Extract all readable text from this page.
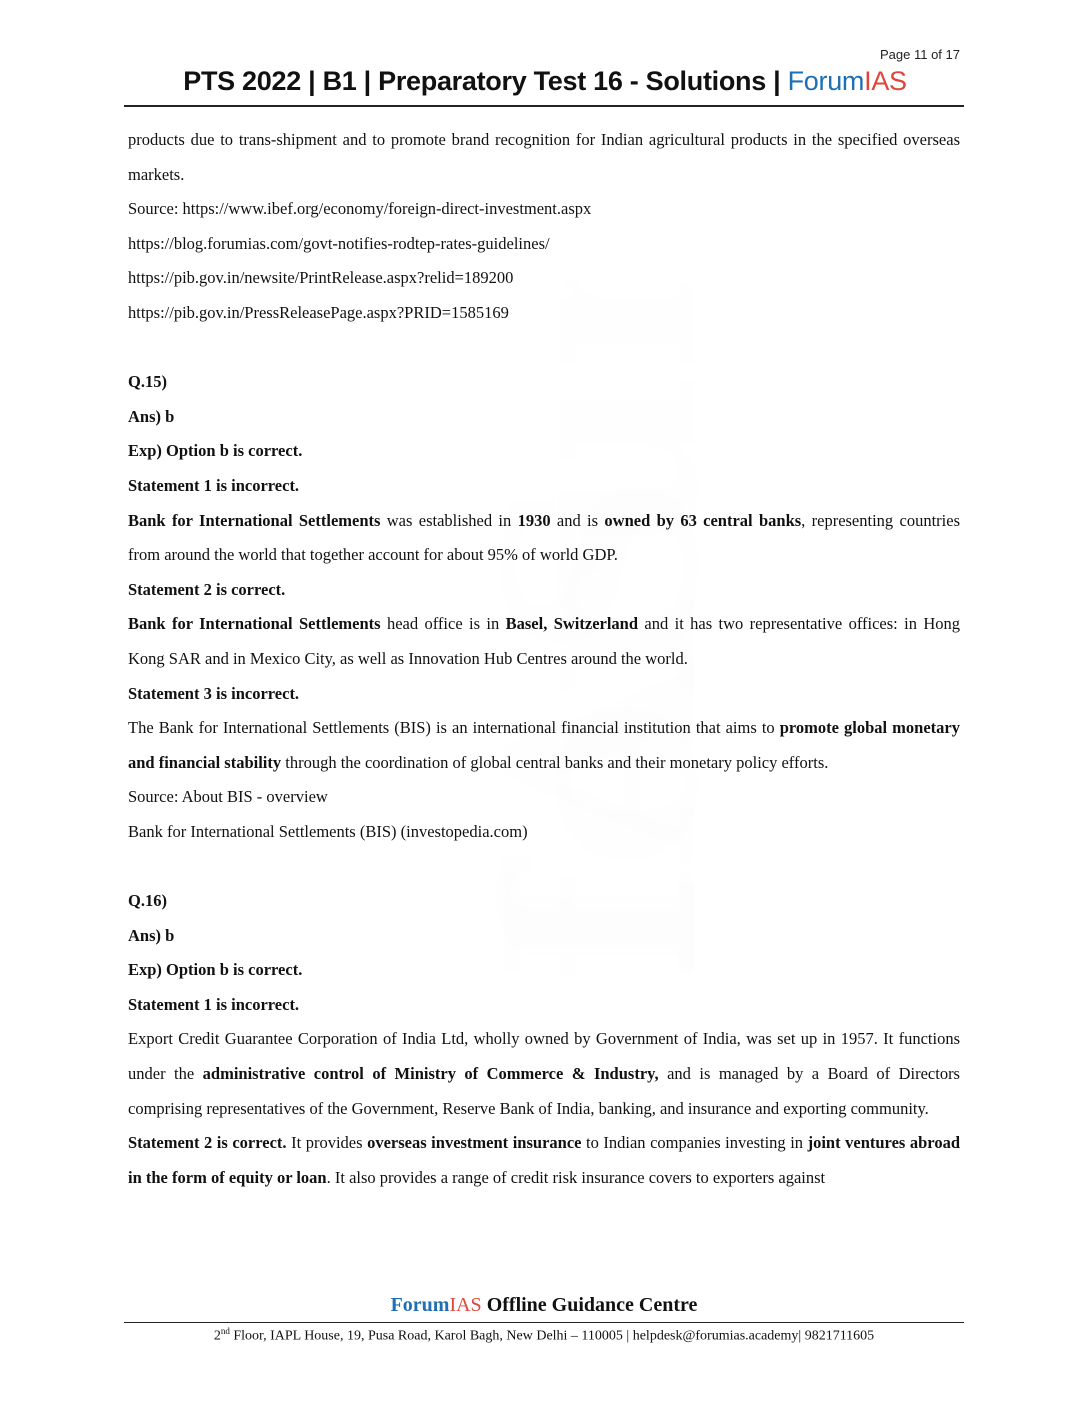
Page 11 of 17
PTS 2022 | B1 | Preparatory Test 16 - Solutions | ForumIAS

products due to trans-shipment and to promote brand recognition for Indian agricultural products in the specified overseas markets.

Source: https://www.ibef.org/economy/foreign-direct-investment.aspx

https://blog.forumias.com/govt-notifies-rodtep-rates-guidelines/

https://pib.gov.in/newsite/PrintRelease.aspx?relid=189200

https://pib.gov.in/PressReleasePage.aspx?PRID=1585169

Q.15)

Ans) b

Exp) Option b is correct.

Statement 1 is incorrect.

Bank for International Settlements was established in 1930 and is owned by 63 central banks, representing countries from around the world that together account for about 95% of world GDP.

Statement 2 is correct.

Bank for International Settlements head office is in Basel, Switzerland and it has two representative offices: in Hong Kong SAR and in Mexico City, as well as Innovation Hub Centres around the world.

Statement 3 is incorrect.

The Bank for International Settlements (BIS) is an international financial institution that aims to promote global monetary and financial stability through the coordination of global central banks and their monetary policy efforts.

Source: About BIS - overview

Bank for International Settlements (BIS) (investopedia.com)

Q.16)

Ans) b

Exp) Option b is correct.

Statement 1 is incorrect.

Export Credit Guarantee Corporation of India Ltd, wholly owned by Government of India, was set up in 1957. It functions under the administrative control of Ministry of Commerce & Industry, and is managed by a Board of Directors comprising representatives of the Government, Reserve Bank of India, banking, and insurance and exporting community.

Statement 2 is correct. It provides overseas investment insurance to Indian companies investing in joint ventures abroad in the form of equity or loan. It also provides a range of credit risk insurance covers to exporters against

ForumIAS Offline Guidance Centre
2nd Floor, IAPL House, 19, Pusa Road, Karol Bagh, New Delhi – 110005 | helpdesk@forumias.academy| 9821711605
